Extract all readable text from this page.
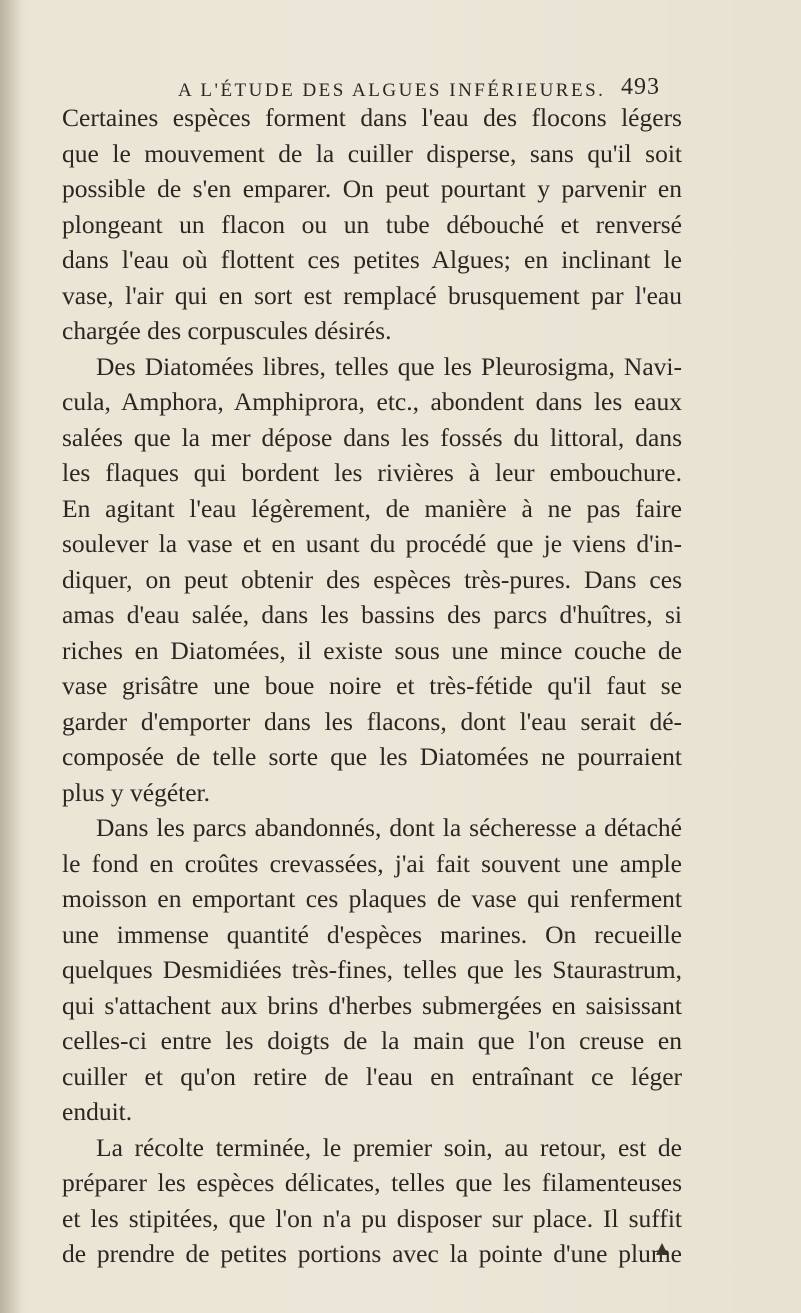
A L'ÉTUDE DES ALGUES INFÉRIEURES. 493
Certaines espèces forment dans l'eau des flocons légers
que le mouvement de la cuiller disperse, sans qu'il soit
possible de s'en emparer. On peut pourtant y parvenir en
plongeant un flacon ou un tube débouché et renversé
dans l'eau où flottent ces petites Algues; en inclinant le
vase, l'air qui en sort est remplacé brusquement par l'eau
chargée des corpuscules désirés.
Des Diatomées libres, telles que les Pleurosigma, Navi-
cula, Amphora, Amphiprora, etc., abondent dans les eaux
salées que la mer dépose dans les fossés du littoral, dans
les flaques qui bordent les rivières à leur embouchure.
En agitant l'eau légèrement, de manière à ne pas faire
soulever la vase et en usant du procédé que je viens d'in-
diquer, on peut obtenir des espèces très-pures. Dans ces
amas d'eau salée, dans les bassins des parcs d'huîtres, si
riches en Diatomées, il existe sous une mince couche de
vase grisâtre une boue noire et très-fétide qu'il faut se
garder d'emporter dans les flacons, dont l'eau serait dé-
composée de telle sorte que les Diatomées ne pourraient
plus y végéter.
Dans les parcs abandonnés, dont la sécheresse a détaché
le fond en croûtes crevassées, j'ai fait souvent une ample
moisson en emportant ces plaques de vase qui renferment
une immense quantité d'espèces marines. On recueille
quelques Desmidiées très-fines, telles que les Staurastrum,
qui s'attachent aux brins d'herbes submergées en saisissant
celles-ci entre les doigts de la main que l'on creuse en
cuiller et qu'on retire de l'eau en entraînant ce léger
enduit.
La récolte terminée, le premier soin, au retour, est de
préparer les espèces délicates, telles que les filamenteuses
et les stipitées, que l'on n'a pu disposer sur place. Il suffit
de prendre de petites portions avec la pointe d'une plume
